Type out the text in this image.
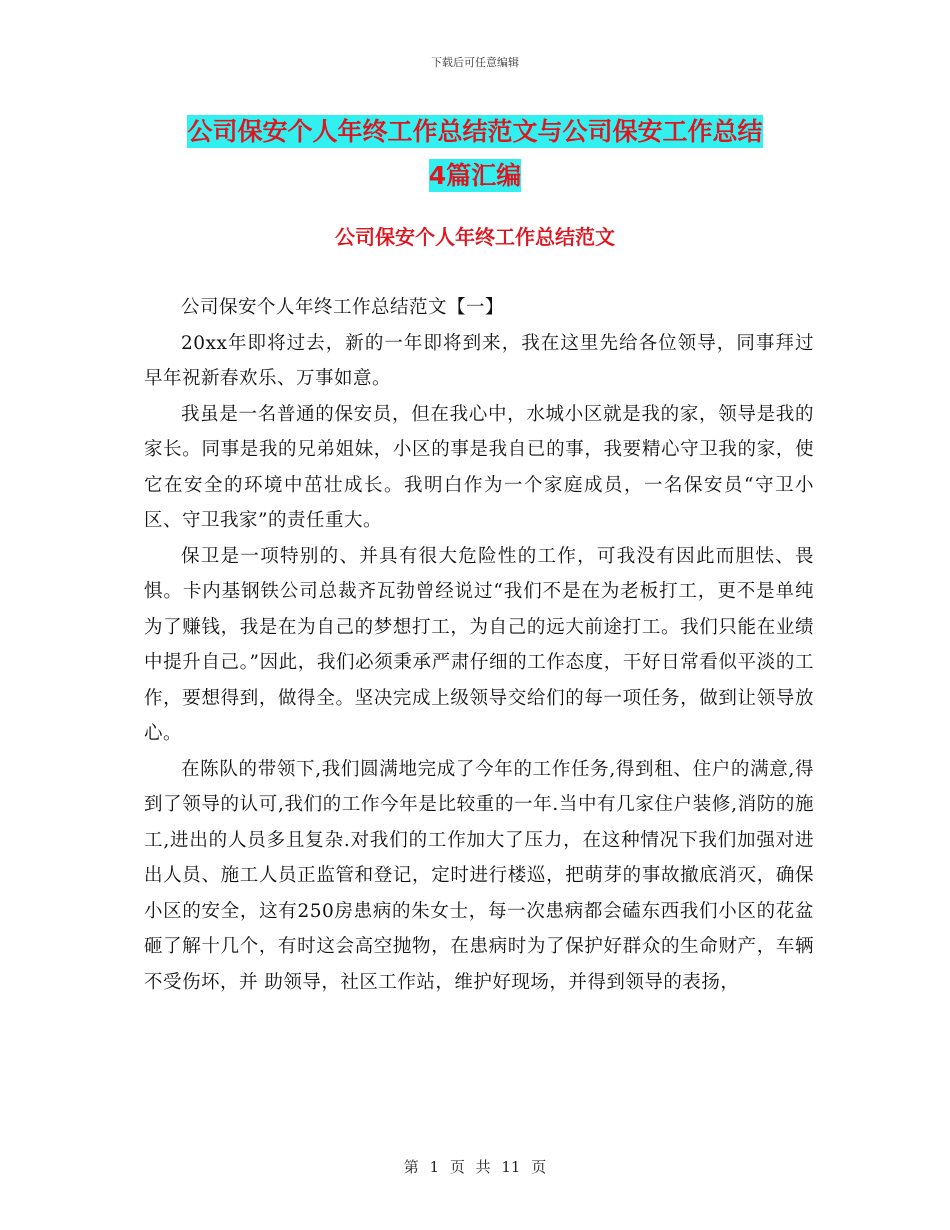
下载后可任意编辑
公司保安个人年终工作总结范文与公司保安工作总结
4篇汇编
公司保安个人年终工作总结范文

公司保安个人年终工作总结范文【一】

20xx年即将过去，新的一年即将到来，我在这里先给各位领导，同事拜过早年祝新春欢乐、万事如意。

我虽是一名普通的保安员，但在我心中，水城小区就是我的家，领导是我的家长。同事是我的兄弟姐妹，小区的事是我自已的事，我要精心守卫我的家，使它在安全的环境中茁壮成长。我明白作为一个家庭成员，一名保安员“守卫小区、守卫我家”的责任重大。

保卫是一项特别的、并具有很大危险性的工作，可我没有因此而胆怯、畏惧。卡内基钢铁公司总裁齐瓦勃曾经说过“我们不是在为老板打工，更不是单纯为了赚钱，我是在为自己的梦想打工，为自己的远大前途打工。我们只能在业绩中提升自己。”因此，我们必须秉承严肃仔细的工作态度，干好日常看似平淡的工作，要想得到，做得全。坚决完成上级领导交给们的每一项任务，做到让领导放心。

在陈队的带领下,我们圆满地完成了今年的工作任务,得到租、住户的满意,得到了领导的认可,我们的工作今年是比较重的一年.当中有几家住户装修,消防的施工,进出的人员多且复杂.对我们的工作加大了压力，在这种情况下我们加强对进出人员、施工人员正监管和登记，定时进行楼巡，把萌芽的事故撤底消灭，确保小区的安全，这有250房患病的朱女士，每一次患病都会磕东西我们小区的花盆砸了解十几个，有时这会高空抛物，在患病时为了保护好群众的生命财产，车辆不受伤坏，并 助领导，社区工作站，维护好现场，并得到领导的表扬，

第 1 页 共 11 页
